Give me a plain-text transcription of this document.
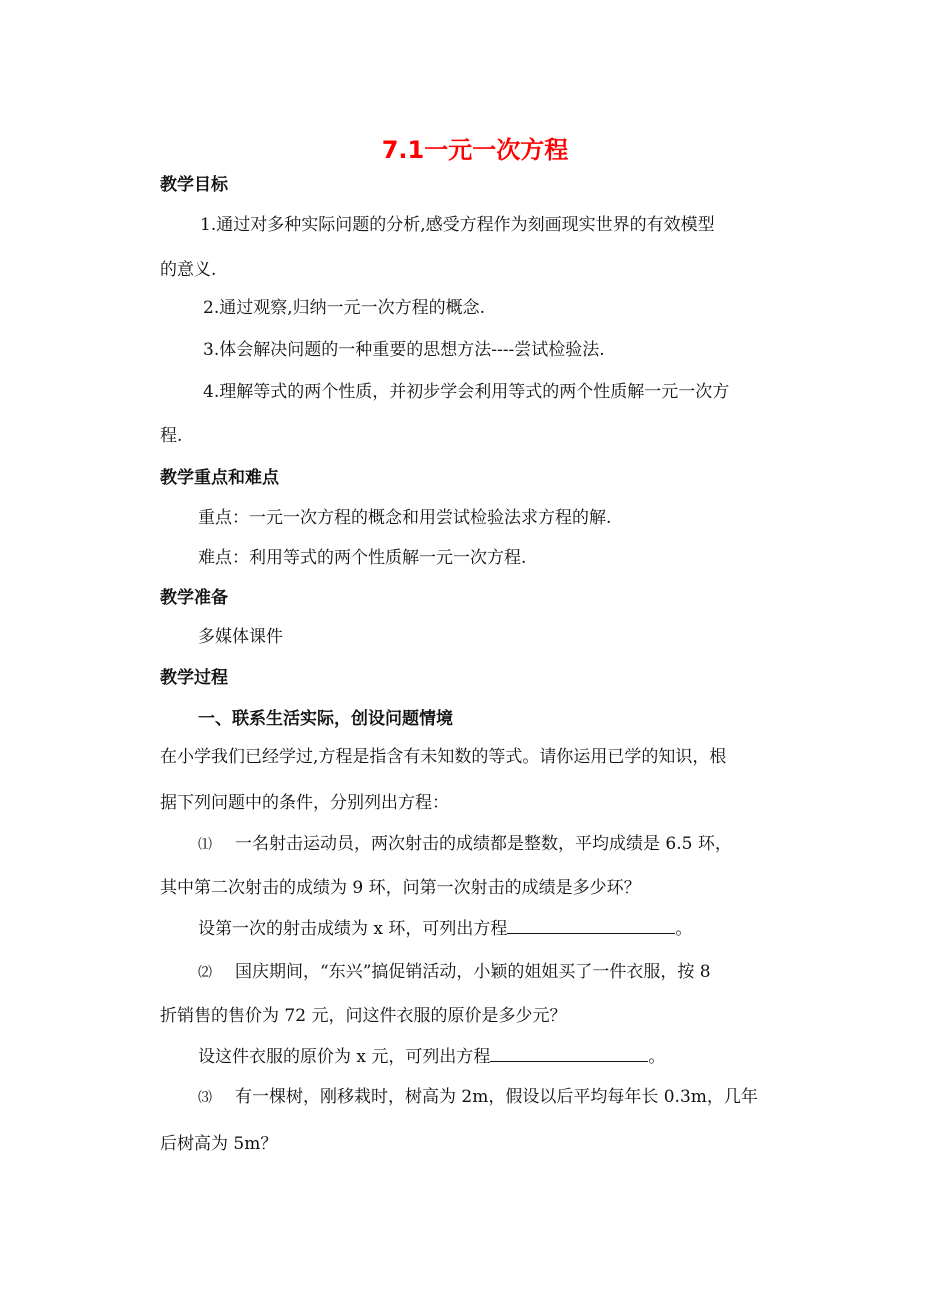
7.1一元一次方程
教学目标
1.通过对多种实际问题的分析,感受方程作为刻画现实世界的有效模型
的意义.
2.通过观察,归纳一元一次方程的概念.
3.体会解决问题的一种重要的思想方法----尝试检验法.
4.理解等式的两个性质，并初步学会利用等式的两个性质解一元一次方
程.
教学重点和难点
重点：一元一次方程的概念和用尝试检验法求方程的解.
难点：利用等式的两个性质解一元一次方程.
教学准备
多媒体课件
教学过程
一、联系生活实际，创设问题情境
在小学我们已经学过,方程是指含有未知数的等式。请你运用已学的知识，根
据下列问题中的条件，分别列出方程：
⑴ 一名射击运动员，两次射击的成绩都是整数，平均成绩是 6.5 环，
其中第二次射击的成绩为 9 环，问第一次射击的成绩是多少环？
设第一次的射击成绩为 x 环，可列出方程	。
⑵ 国庆期间，“东兴”搞促销活动，小颖的姐姐买了一件衣服，按 8
折销售的售价为 72 元，问这件衣服的原价是多少元？
设这件衣服的原价为 x 元，可列出方程	。
⑶ 有一棵树，刚移栽时，树高为 2m，假设以后平均每年长 0.3m，几年
后树高为 5m？
